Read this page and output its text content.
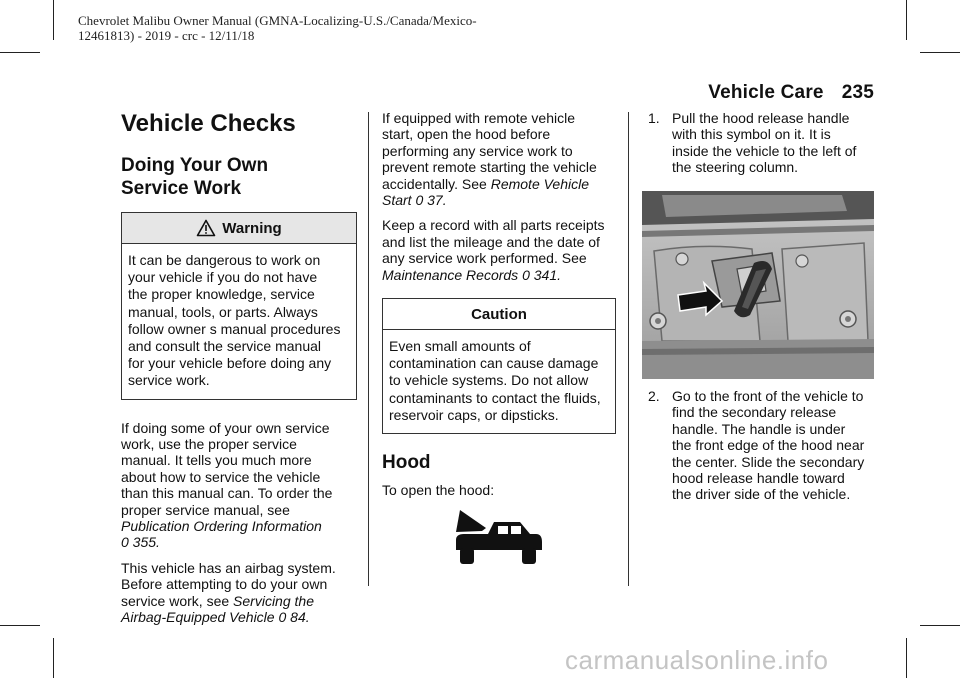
Chevrolet Malibu Owner Manual (GMNA-Localizing-U.S./Canada/Mexico-
12461813) - 2019 - crc - 12/11/18
Vehicle Care 235
Vehicle Checks
Doing Your Own
Service Work
Warning
It can be dangerous to work on
your vehicle if you do not have
the proper knowledge, service
manual, tools, or parts. Always
follow owner s manual procedures
and consult the service manual
for your vehicle before doing any
service work.

If doing some of your own service
work, use the proper service
manual. It tells you much more
about how to service the vehicle
than this manual can. To order the
proper service manual, see
Publication Ordering Information
0 355.

This vehicle has an airbag system.
Before attempting to do your own
service work, see Servicing the
Airbag-Equipped Vehicle 0 84.

If equipped with remote vehicle
start, open the hood before
performing any service work to
prevent remote starting the vehicle
accidentally. See Remote Vehicle
Start 0 37.

Keep a record with all parts receipts
and list the mileage and the date of
any service work performed. See
Maintenance Records 0 341.

Caution
Even small amounts of
contamination can cause damage
to vehicle systems. Do not allow
contaminants to contact the fluids,
reservoir caps, or dipsticks.
Hood

To open the hood:

1. Pull the hood release handle
with this symbol on it. It is
inside the vehicle to the left of
the steering column.
2. Go to the front of the vehicle to
find the secondary release
handle. The handle is under
the front edge of the hood near
the center. Slide the secondary
hood release handle toward
the driver side of the vehicle.
carmanualsonline.info
